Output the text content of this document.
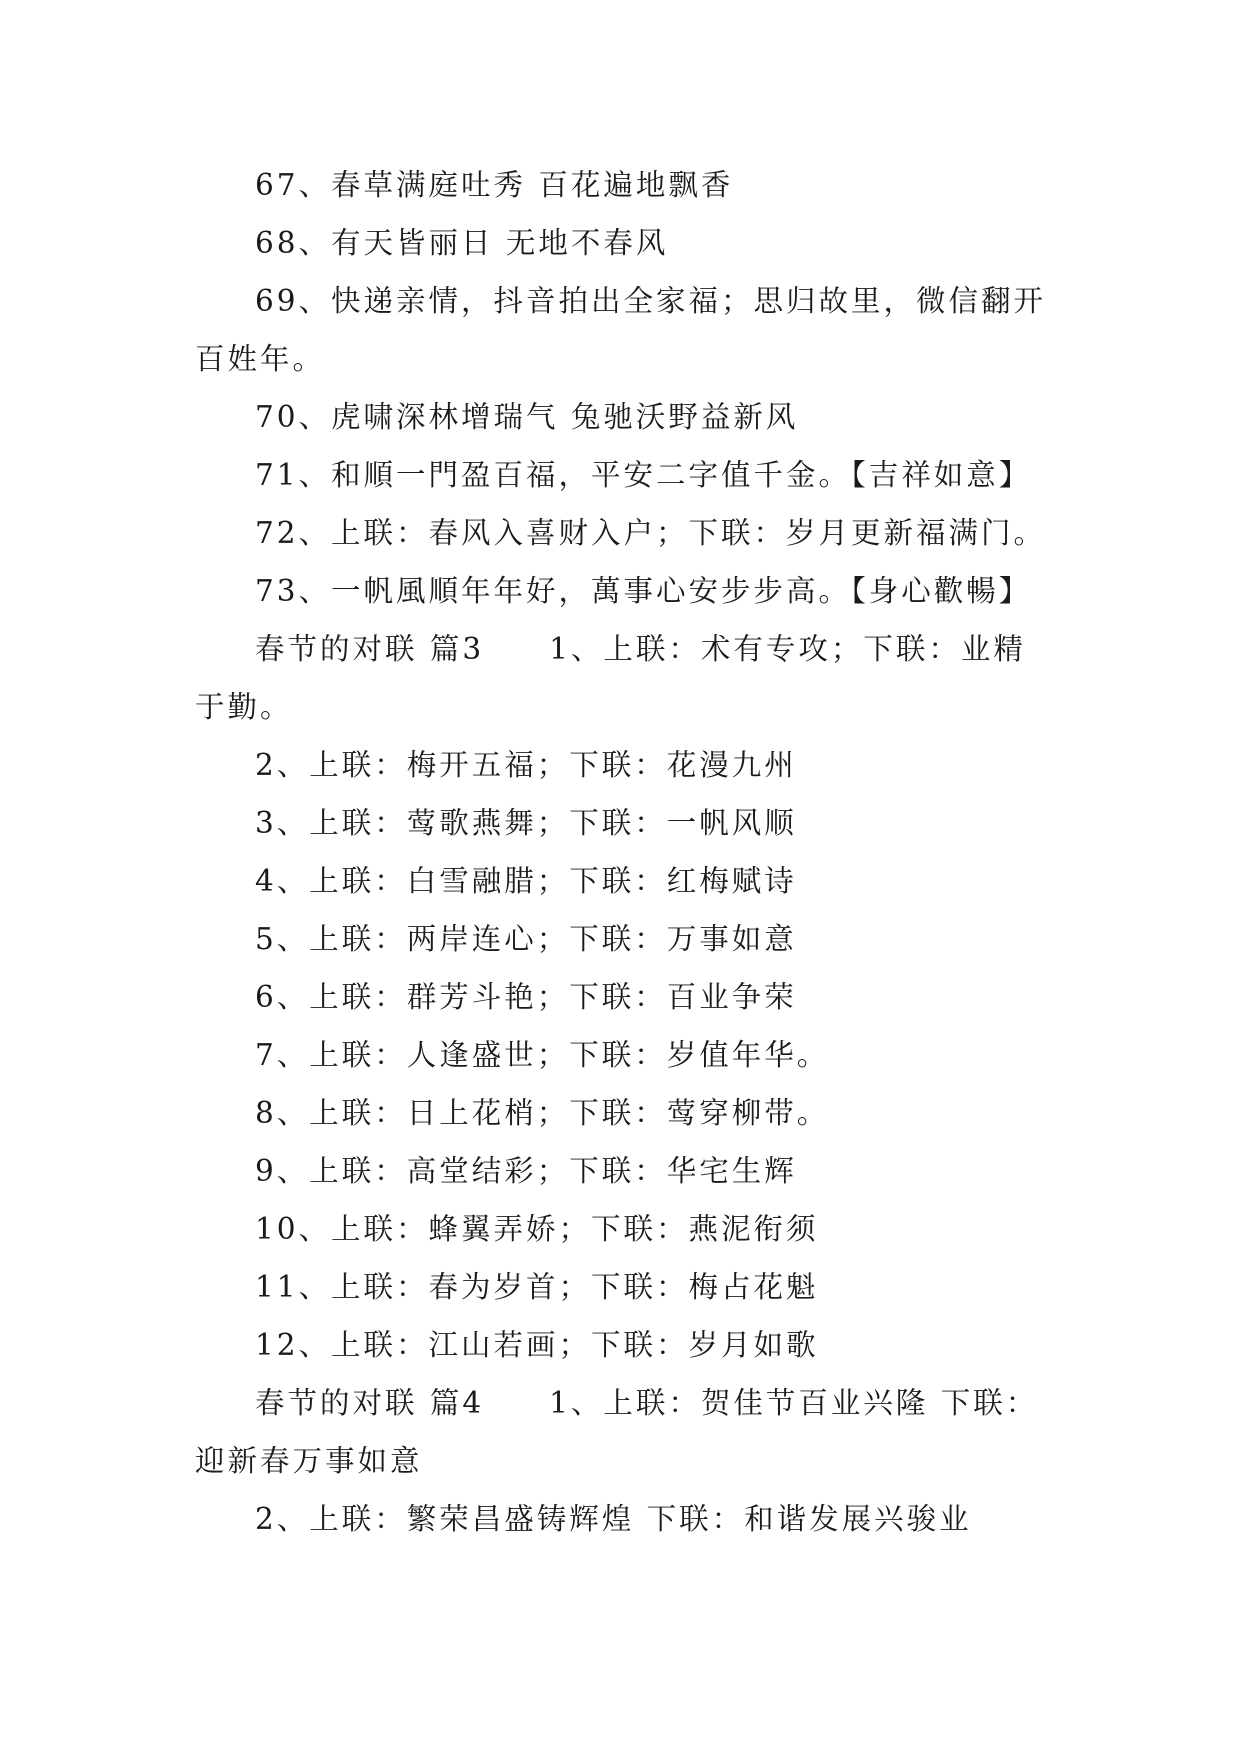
67、春草满庭吐秀 百花遍地飘香

68、有天皆丽日 无地不春风

69、快递亲情，抖音拍出全家福；思归故里，微信翻开百姓年。

70、虎啸深林增瑞气 兔驰沃野益新风

71、和順一門盈百福，平安二字值千金。【吉祥如意】

72、上联：春风入喜财入户；下联：岁月更新福满门。

73、一帆風順年年好，萬事心安步步高。【身心歡暢】

春节的对联 篇3　　1、上联：术有专攻；下联：业精于勤。

2、上联：梅开五福；下联：花漫九州

3、上联：莺歌燕舞；下联：一帆风顺

4、上联：白雪融腊；下联：红梅赋诗

5、上联：两岸连心；下联：万事如意

6、上联：群芳斗艳；下联：百业争荣

7、上联：人逢盛世；下联：岁值年华。

8、上联：日上花梢；下联：莺穿柳带。

9、上联：高堂结彩；下联：华宅生辉

10、上联：蜂翼弄娇；下联：燕泥衔须

11、上联：春为岁首；下联：梅占花魁

12、上联：江山若画；下联：岁月如歌

春节的对联 篇4　　1、上联：贺佳节百业兴隆 下联：迎新春万事如意

2、上联：繁荣昌盛铸辉煌 下联：和谐发展兴骏业
